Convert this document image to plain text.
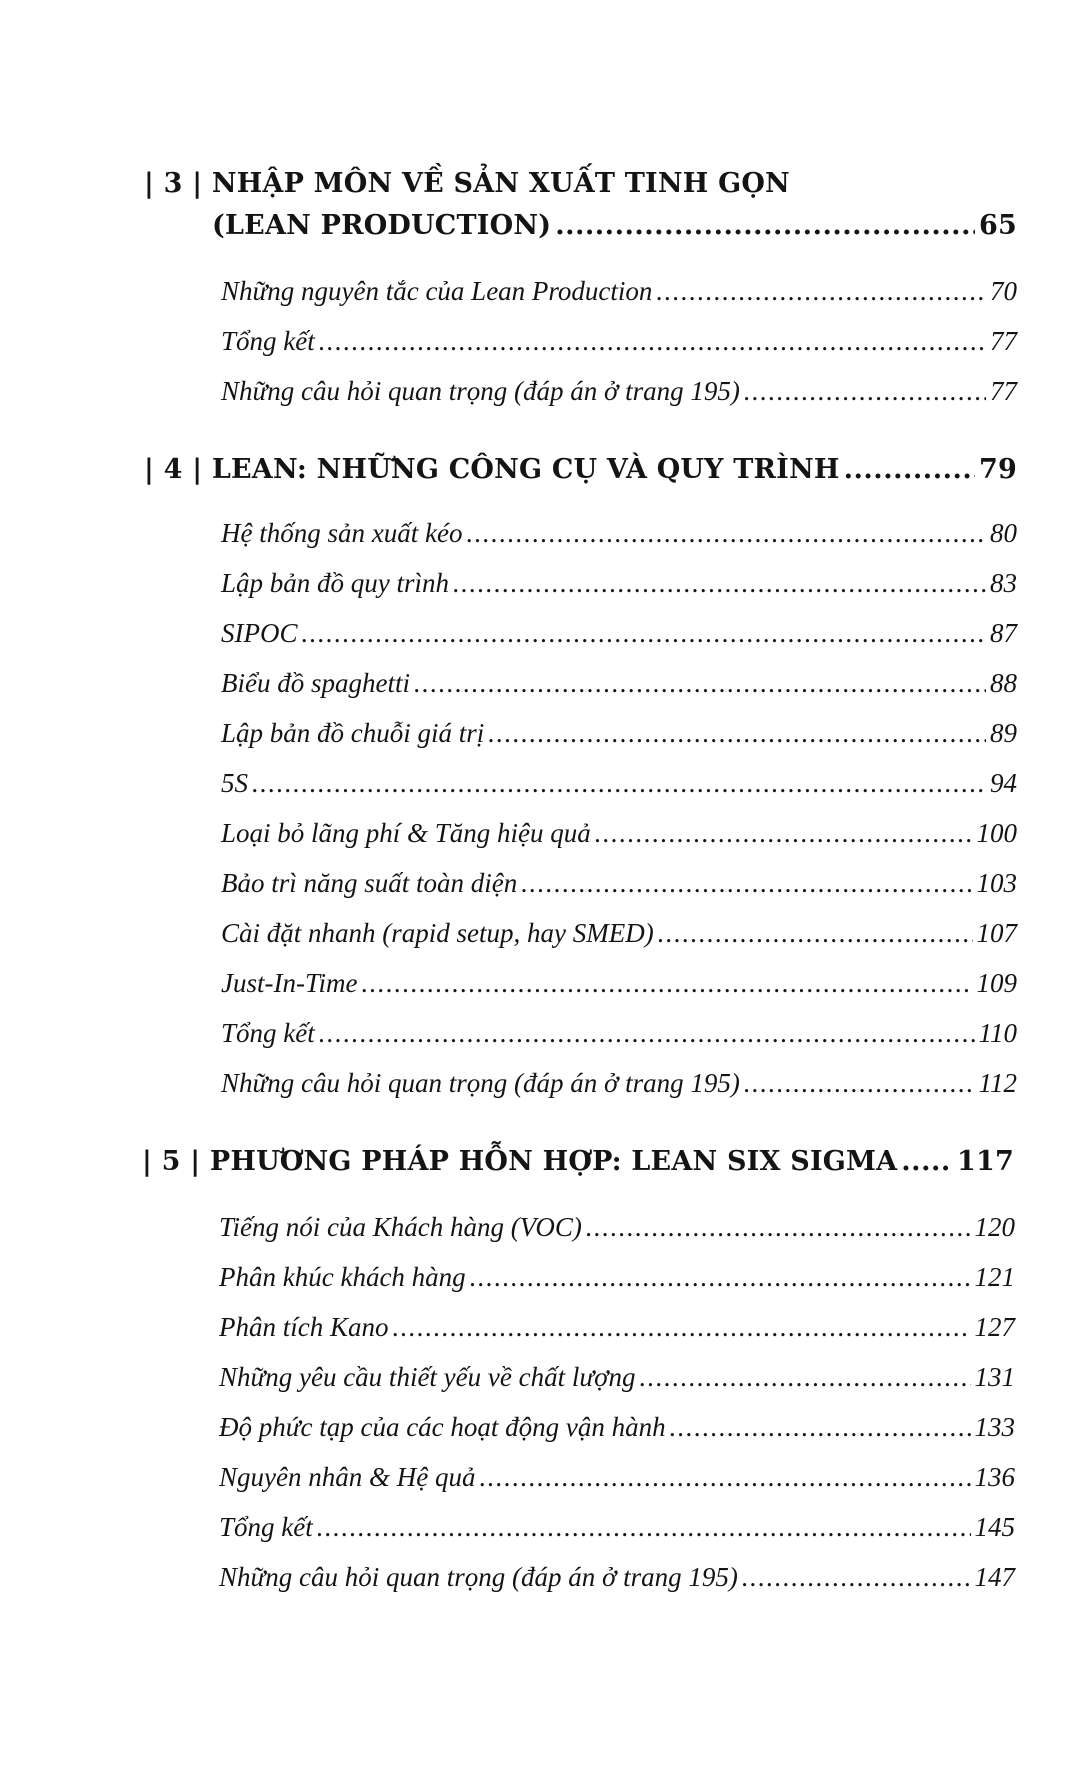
| 3 |
NHẬP MÔN VỀ SẢN XUẤT TINH GỌN
(LEAN PRODUCTION) .....	65
Những nguyên tắc của Lean Production .....	70
Tổng kết .....	77
Những câu hỏi quan trọng (đáp án ở trang 195) .....	77
| 4 |
LEAN: NHỮNG CÔNG CỤ VÀ QUY TRÌNH .....	79
Hệ thống sản xuất kéo .....	80
Lập bản đồ quy trình .....	83
SIPOC .....	87
Biểu đồ spaghetti .....	88
Lập bản đồ chuỗi giá trị .....	89
5S .....	94
Loại bỏ lãng phí & Tăng hiệu quả .....	100
Bảo trì năng suất toàn diện .....	103
Cài đặt nhanh (rapid setup, hay SMED) .....	107
Just-In-Time .....	109
Tổng kết .....	110
Những câu hỏi quan trọng (đáp án ở trang 195) .....	112
| 5 |
PHƯƠNG PHÁP HỖN HỢP: LEAN SIX SIGMA ..... 117
Tiếng nói của Khách hàng (VOC) .....	120
Phân khúc khách hàng .....	121
Phân tích Kano .....	127
Những yêu cầu thiết yếu về chất lượng .....	131
Độ phức tạp của các hoạt động vận hành .....	133
Nguyên nhân & Hệ quả .....	136
Tổng kết .....	145
Những câu hỏi quan trọng (đáp án ở trang 195) .....	147
